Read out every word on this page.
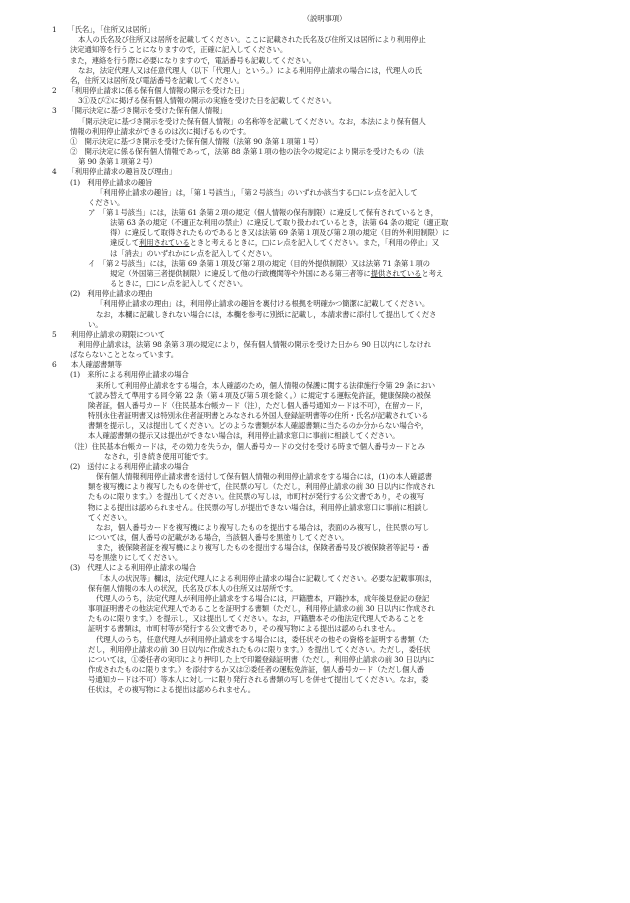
（説明事項）
1　　「氏名」，「住所又は居所」
本人の氏名及び住所又は居所を記載してください。ここに記載された氏名及び住所又は居所により利用停止
決定通知等を行うことになりますので，正確に記入してください。
また，連絡を行う際に必要になりますので，電話番号も記載してください。
なお，法定代理人又は任意代理人（以下「代理人」という。）による利用停止請求の場合には，代理人の氏
名，住所又は居所及び電話番号を記載してください。
2　　「利用停止請求に係る保有個人情報の開示を受けた日」
3①及び②に掲げる保有個人情報の開示の実施を受けた日を記載してください。
3　　「開示決定に基づき開示を受けた保有個人情報」
「開示決定に基づき開示を受けた保有個人情報」の名称等を記載してください。なお，本法により保有個人
情報の利用停止請求ができるのは次に掲げるものです。
①　開示決定に基づき開示を受けた保有個人情報（法第 90 条第１項第１号）
②　開示決定に係る保有個人情報であって，法第 88 条第１項の他の法令の規定により開示を受けたもの（法
第 90 条第１項第２号）
4　　「利用停止請求の趣旨及び理由」
(1)　利用停止請求の趣旨
「利用停止請求の趣旨」は，「第１号該当」，「第２号該当」のいずれか該当する□にレ点を記入して
ください。
ア　「第１号該当」には，法第 61 条第２項の規定（個人情報の保有制限）に違反して保有されているとき，
法第 63 条の規定（不適正な利用の禁止）に違反して取り扱われているとき，法第 64 条の規定（適正取
得）に違反して取得されたものであるとき又は法第 69 条第１項及び第２項の規定（目的外利用制限）に
違反して利用されているときと考えるときに，□にレ点を記入してください。また，「利用の停止」又
は「消去」のいずれかにレ点を記入してください。
イ　「第２号該当」には，法第 69 条第１項及び第２項の規定（目的外提供制限）又は法第 71 条第１項の
規定（外国第三者提供制限）に違反して他の行政機関等や外国にある第三者等に提供されていると考え
るときに，□にレ点を記入してください。
(2)　利用停止請求の理由
「利用停止請求の理由」は，利用停止請求の趣旨を裏付ける根拠を明確かつ簡潔に記載してください。
なお，本欄に記載しきれない場合には，本欄を参考に別紙に記載し，本請求書に添付して提出してくださ
い。
5　　利用停止請求の期限について
利用停止請求は，法第 98 条第３項の規定により，保有個人情報の開示を受けた日から 90 日以内にしなけれ
ばならないこととなっています。
6　　本人確認書類等
(1)　来所による利用停止請求の場合
来所して利用停止請求をする場合，本人確認のため，個人情報の保護に関する法律施行令第 29 条におい
て読み替えて準用する同令第 22 条（第４項及び第５項を除く。）に規定する運転免許証，健康保険の被保
険者証，個人番号カード（住民基本台帳カード（注），ただし個人番号通知カードは不可），在留カード，
特別永住者証明書又は特別永住者証明書とみなされる外国人登録証明書等の住所・氏名が記載されている
書類を提示し，又は提出してください。どのような書類が本人確認書類に当たるのか分からない場合や，
本人確認書類の提示又は提出ができない場合は，利用停止請求窓口に事前に相談してください。
（注）住民基本台帳カードは，その効力を失うか，個人番号カードの交付を受ける時まで個人番号カードとみ
なされ，引き続き使用可能です。
(2)　送付による利用停止請求の場合
保有個人情報利用停止請求書を送付して保有個人情報の利用停止請求をする場合には，(1)の本人確認書
類を複写機により複写したものを併せて，住民票の写し（ただし，利用停止請求の前 30 日以内に作成され
たものに限ります。）を提出してください。住民票の写しは，市町村が発行する公文書であり，その複写
物による提出は認められません。住民票の写しが提出できない場合は，利用停止請求窓口に事前に相談し
てください。
なお，個人番号カードを複写機により複写したものを提出する場合は，表面のみ複写し，住民票の写し
については，個人番号の記載がある場合，当該個人番号を黒塗りしてください。
また，被保険者証を複写機により複写したものを提出する場合は，保険者番号及び被保険者等記号・番
号を黒塗りにしてください。
(3)　代理人による利用停止請求の場合
「本人の状況等」欄は，法定代理人による利用停止請求の場合に記載してください。必要な記載事項は，
保有個人情報の本人の状況，氏名及び本人の住所又は居所です。
代理人のうち，法定代理人が利用停止請求をする場合には，戸籍謄本，戸籍抄本，成年後見登記の登記
事項証明書その他法定代理人であることを証明する書類（ただし，利用停止請求の前 30 日以内に作成され
たものに限ります。）を提示し，又は提出してください。なお，戸籍謄本その他法定代理人であることを
証明する書類は，市町村等が発行する公文書であり，その複写物による提出は認められません。
代理人のうち，任意代理人が利用停止請求をする場合には，委任状その他その資格を証明する書類（た
だし，利用停止請求の前 30 日以内に作成されたものに限ります。）を提出してください。ただし，委任状
については，①委任者の実印により押印した上で印鑑登録証明書（ただし，利用停止請求の前 30 日以内に
作成されたものに限ります。）を添付するか又は②委任者の運転免許証，個人番号カード（ただし個人番
号通知カードは不可）等本人に対し一に限り発行される書類の写しを併せて提出してください。なお，委
任状は，その複写物による提出は認められません。
